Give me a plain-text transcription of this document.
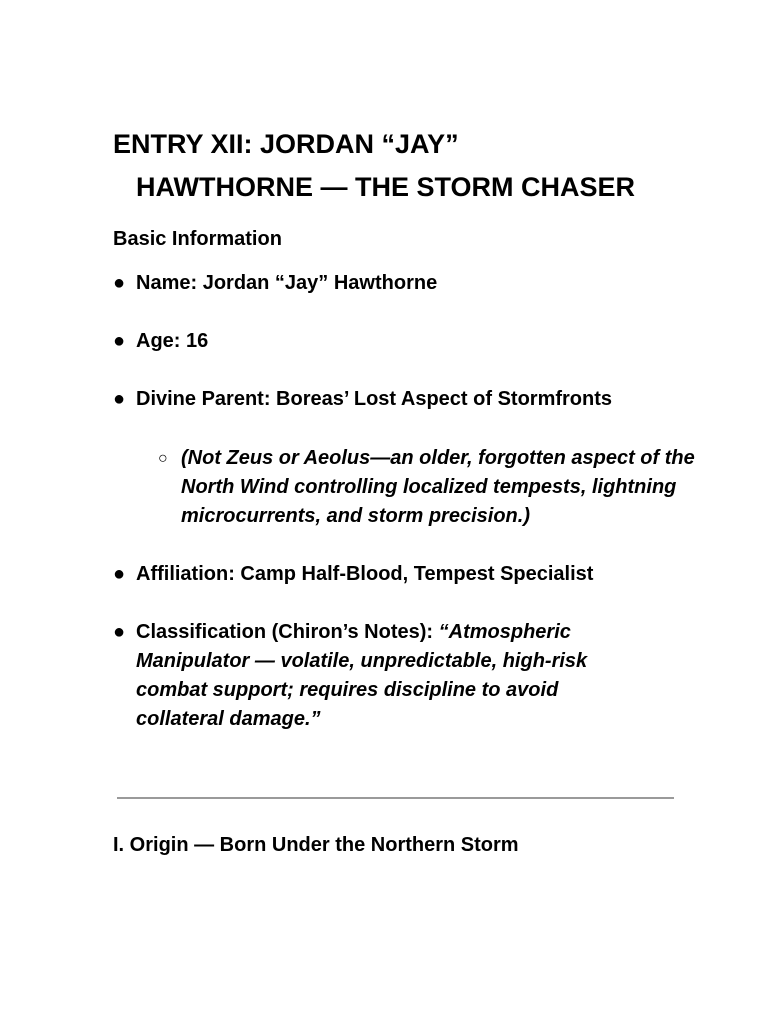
ENTRY XII: JORDAN “JAY”
HAWTHORNE — THE STORM CHASER
Basic Information
● Name: Jordan “Jay” Hawthorne
● Age: 16
● Divine Parent: Boreas’ Lost Aspect of Stormfronts
○ (Not Zeus or Aeolus—an older, forgotten aspect of the North Wind controlling localized tempests, lightning microcurrents, and storm precision.)
● Affiliation: Camp Half-Blood, Tempest Specialist
● Classification (Chiron’s Notes): “Atmospheric Manipulator — volatile, unpredictable, high-risk combat support; requires discipline to avoid collateral damage.”
I. Origin — Born Under the Northern Storm
